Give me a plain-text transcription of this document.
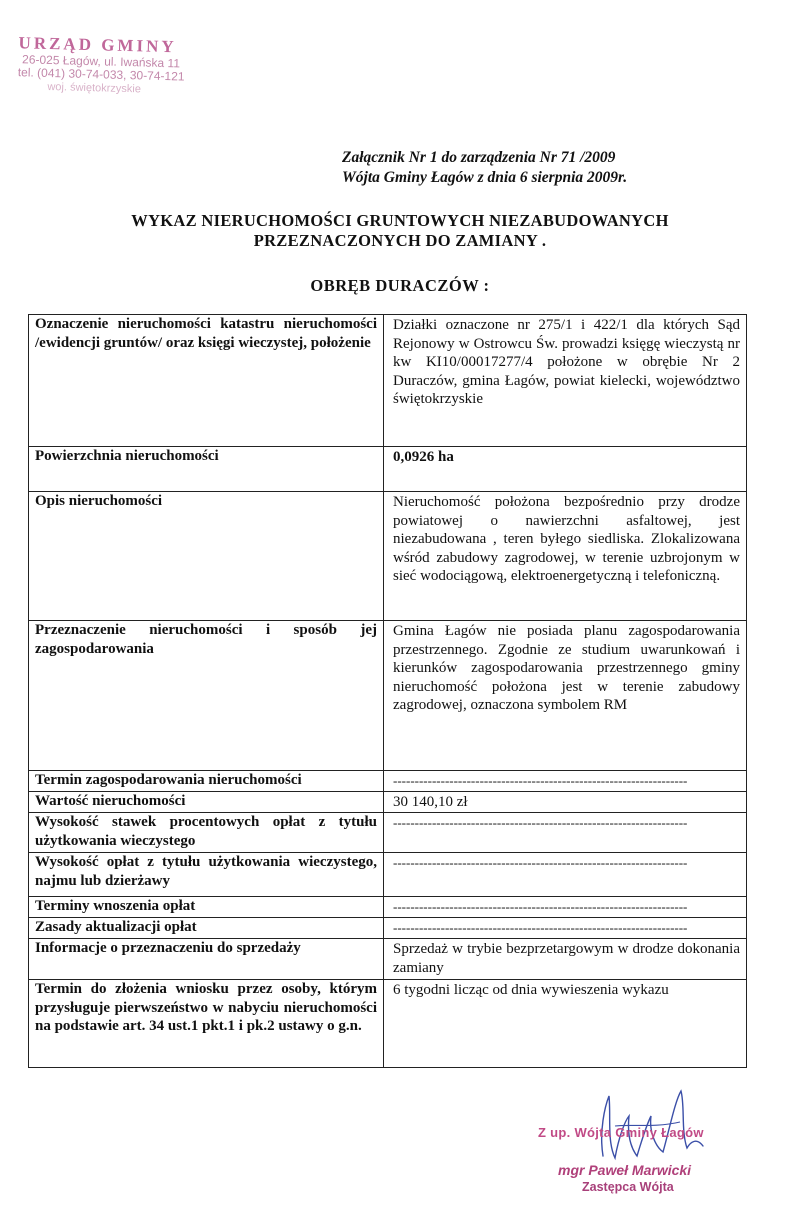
URZĄD GMINY
26-025 Łagów, ul. Iwańska 11
tel. (041) 30-74-033, 30-74-121
woj. świętokrzyskie
Załącznik Nr 1 do zarządzenia Nr 71 /2009
Wójta Gminy Łagów z dnia 6 sierpnia 2009r.
WYKAZ NIERUCHOMOŚCI GRUNTOWYCH NIEZABUDOWANYCH
PRZEZNACZONYCH DO ZAMIANY .
OBRĘB DURACZÓW :
Oznaczenie nieruchomości katastru nieruchomości /ewidencji gruntów/ oraz księgi wieczystej, położenie	Działki oznaczone nr 275/1 i 422/1 dla których Sąd Rejonowy w Ostrowcu Św. prowadzi księgę wieczystą nr kw KI10/00017277/4 położone w obrębie Nr 2 Duraczów, gmina Łagów, powiat kielecki, województwo świętokrzyskie
Powierzchnia nieruchomości	0,0926 ha
Opis nieruchomości	Nieruchomość położona bezpośrednio przy drodze powiatowej o nawierzchni asfaltowej, jest niezabudowana , teren byłego siedliska. Zlokalizowana wśród zabudowy zagrodowej, w terenie uzbrojonym w sieć wodociągową, elektroenergetyczną i telefoniczną.
Przeznaczenie nieruchomości i sposób jej zagospodarowania	Gmina Łagów nie posiada planu zagospodarowania przestrzennego. Zgodnie ze studium uwarunkowań i kierunków zagospodarowania przestrzennego gminy nieruchomość położona jest w terenie zabudowy zagrodowej, oznaczona symbolem RM
Termin zagospodarowania nieruchomości	--------------------------------------------------------------------
Wartość nieruchomości	30 140,10 zł
Wysokość stawek procentowych opłat z tytułu użytkowania wieczystego	--------------------------------------------------------------------
Wysokość opłat z tytułu użytkowania wieczystego, najmu lub dzierżawy	--------------------------------------------------------------------
Terminy wnoszenia opłat	--------------------------------------------------------------------
Zasady aktualizacji opłat	--------------------------------------------------------------------
Informacje o przeznaczeniu do sprzedaży	Sprzedaż w trybie bezprzetargowym w drodze dokonania zamiany
Termin do złożenia wniosku przez osoby, którym przysługuje pierwszeństwo w nabyciu nieruchomości na podstawie art. 34 ust.1 pkt.1 i pk.2 ustawy o g.n.	6 tygodni licząc od dnia wywieszenia wykazu
Z up. Wójta Gminy Łagów
mgr Paweł Marwicki
Zastępca Wójta
